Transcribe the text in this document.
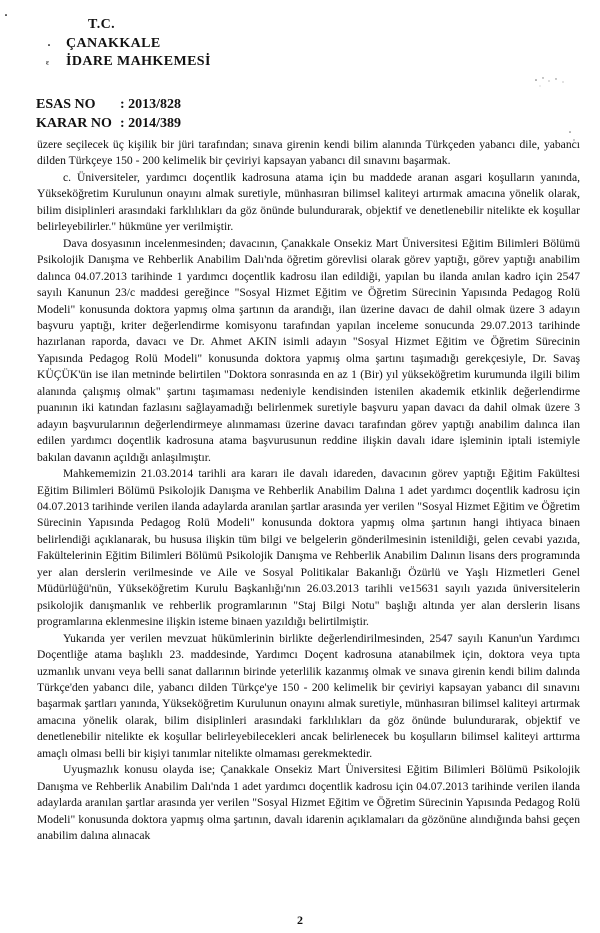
T.C.
ÇANAKKALE
İDARE MAHKEMESİ
·
·
ᵋ
ESAS NO : 2013/828
KARAR NO : 2014/389

üzere seçilecek üç kişilik bir jüri tarafından; sınava girenin kendi bilim alanında Türkçeden yabancı dile, yabancı dilden Türkçeye 150 - 200 kelimelik bir çeviriyi kapsayan yabancı dil sınavını başarmak.

c. Üniversiteler, yardımcı doçentlik kadrosuna atama için bu maddede aranan asgari koşulların yanında, Yükseköğretim Kurulunun onayını almak suretiyle, münhasıran bilimsel kaliteyi artırmak amacına yönelik olarak, bilim disiplinleri arasındaki farklılıkları da göz önünde bulundurarak, objektif ve denetlenebilir nitelikte ek koşullar belirleyebilirler." hükmüne yer verilmiştir.

Dava dosyasının incelenmesinden; davacının, Çanakkale Onsekiz Mart Üniversitesi Eğitim Bilimleri Bölümü Psikolojik Danışma ve Rehberlik Anabilim Dalı'nda öğretim görevlisi olarak görev yaptığı, görev yaptığı anabilim dalınca 04.07.2013 tarihinde 1 yardımcı doçentlik kadrosu ilan edildiği, yapılan bu ilanda anılan kadro için 2547 sayılı Kanunun 23/c maddesi gereğince "Sosyal Hizmet Eğitim ve Öğretim Sürecinin Yapısında Pedagog Rolü Modeli" konusunda doktora yapmış olma şartının da arandığı, ilan üzerine davacı de dahil olmak üzere 3 adayın başvuru yaptığı, kriter değerlendirme komisyonu tarafından yapılan inceleme sonucunda 29.07.2013 tarihinde hazırlanan raporda, davacı ve Dr. Ahmet AKIN isimli adayın "Sosyal Hizmet Eğitim ve Öğretim Sürecinin Yapısında Pedagog Rolü Modeli" konusunda doktora yapmış olma şartını taşımadığı gerekçesiyle, Dr. Savaş KÜÇÜK'ün ise ilan metninde belirtilen "Doktora sonrasında en az 1 (Bir) yıl yükseköğretim kurumunda ilgili bilim alanında çalışmış olmak" şartını taşımaması nedeniyle kendisinden istenilen akademik etkinlik değerlendirme puanının iki katından fazlasını sağlayamadığı belirlenmek suretiyle başvuru yapan davacı da dahil olmak üzere 3 adayın başvurularının değerlendirmeye alınmaması üzerine davacı tarafından görev yaptığı anabilim dalınca ilan edilen yardımcı doçentlik kadrosuna atama başvurusunun reddine ilişkin davalı idare işleminin iptali istemiyle bakılan davanın açıldığı anlaşılmıştır.

Mahkememizin 21.03.2014 tarihli ara kararı ile davalı idareden, davacının görev yaptığı Eğitim Fakültesi Eğitim Bilimleri Bölümü Psikolojik Danışma ve Rehberlik Anabilim Dalına 1 adet yardımcı doçentlik kadrosu için 04.07.2013 tarihinde verilen ilanda adaylarda aranılan şartlar arasında yer verilen "Sosyal Hizmet Eğitim ve Öğretim Sürecinin Yapısında Pedagog Rolü Modeli" konusunda doktora yapmış olma şartının hangi ihtiyaca binaen belirlendiği açıklanarak, bu hususa ilişkin tüm bilgi ve belgelerin gönderilmesinin istenildiği, gelen cevabi yazıda, Fakültelerinin Eğitim Bilimleri Bölümü Psikolojik Danışma ve Rehberlik Anabilim Dalının lisans ders programında yer alan derslerin verilmesinde ve Aile ve Sosyal Politikalar Bakanlığı Özürlü ve Yaşlı Hizmetleri Genel Müdürlüğü'nün, Yükseköğretim Kurulu Başkanlığı'nın 26.03.2013 tarihli ve15631 sayılı yazıda üniversitelerin psikolojik danışmanlık ve rehberlik programlarının "Staj Bilgi Notu" başlığı altında yer alan derslerin lisans programlarına eklenmesine ilişkin isteme binaen yazıldığı belirtilmiştir.

Yukarıda yer verilen mevzuat hükümlerinin birlikte değerlendirilmesinden, 2547 sayılı Kanun'un Yardımcı Doçentliğe atama başlıklı 23. maddesinde, Yardımcı Doçent kadrosuna atanabilmek için, doktora veya tıpta uzmanlık unvanı veya belli sanat dallarının birinde yeterlilik kazanmış olmak ve sınava girenin kendi bilim dalında Türkçe'den yabancı dile, yabancı dilden Türkçe'ye 150 - 200 kelimelik bir çeviriyi kapsayan yabancı dil sınavını başarmak şartları yanında, Yükseköğretim Kurulunun onayını almak suretiyle, münhasıran bilimsel kaliteyi artırmak amacına yönelik olarak, bilim disiplinleri arasındaki farklılıkları da göz önünde bulundurarak, objektif ve denetlenebilir nitelikte ek koşullar belirleyebilecekleri ancak belirlenecek bu koşulların bilimsel kaliteyi arttırma amaçlı olması belli bir kişiyi tanımlar nitelikte olmaması gerekmektedir.

Uyuşmazlık konusu olayda ise; Çanakkale Onsekiz Mart Üniversitesi Eğitim Bilimleri Bölümü Psikolojik Danışma ve Rehberlik Anabilim Dalı'nda 1 adet yardımcı doçentlik kadrosu için 04.07.2013 tarihinde verilen ilanda adaylarda aranılan şartlar arasında yer verilen "Sosyal Hizmet Eğitim ve Öğretim Sürecinin Yapısında Pedagog Rolü Modeli" konusunda doktora yapmış olma şartının, davalı idarenin açıklamaları da gözönüne alındığında bahsi geçen anabilim dalına alınacak

2
